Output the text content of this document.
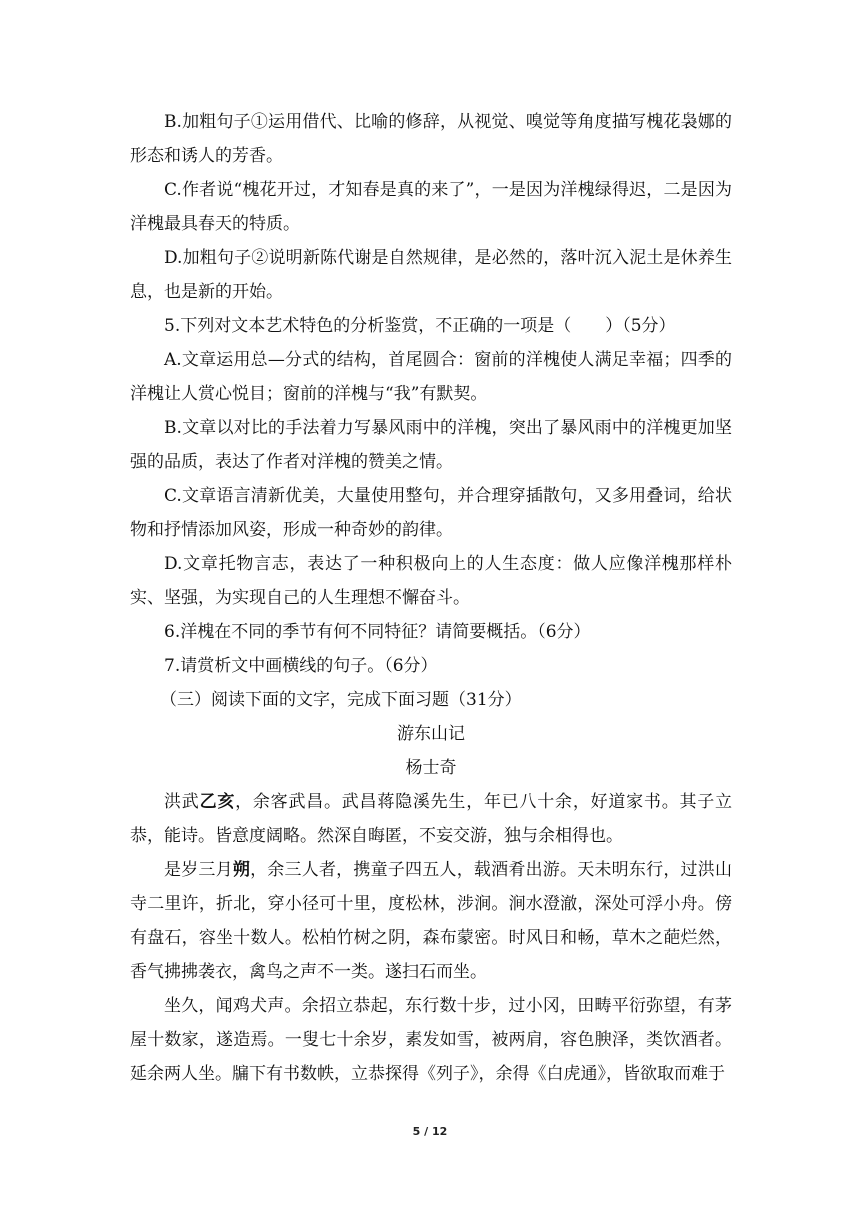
B.加粗句子①运用借代、比喻的修辞，从视觉、嗅觉等角度描写槐花袅娜的形态和诱人的芳香。

C.作者说“槐花开过，才知春是真的来了”，一是因为洋槐绿得迟，二是因为洋槐最具春天的特质。

D.加粗句子②说明新陈代谢是自然规律，是必然的，落叶沉入泥土是休养生息，也是新的开始。

5.下列对文本艺术特色的分析鉴赏，不正确的一项是（　　）（5分）

A.文章运用总—分式的结构，首尾圆合：窗前的洋槐使人满足幸福；四季的洋槐让人赏心悦目；窗前的洋槐与“我”有默契。

B.文章以对比的手法着力写暴风雨中的洋槐，突出了暴风雨中的洋槐更加坚强的品质，表达了作者对洋槐的赞美之情。

C.文章语言清新优美，大量使用整句，并合理穿插散句，又多用叠词，给状物和抒情添加风姿，形成一种奇妙的韵律。

D.文章托物言志，表达了一种积极向上的人生态度：做人应像洋槐那样朴实、坚强，为实现自己的人生理想不懈奋斗。

6.洋槐在不同的季节有何不同特征？请简要概括。（6分）

7.请赏析文中画横线的句子。（6分）

（三）阅读下面的文字，完成下面习题（31分）

游东山记

杨士奇

洪武乙亥，余客武昌。武昌蒋隐溪先生，年已八十余，好道家书。其子立恭，能诗。皆意度阔略。然深自晦匿，不妄交游，独与余相得也。

是岁三月朔，余三人者，携童子四五人，载酒肴出游。天未明东行，过洪山寺二里许，折北，穿小径可十里，度松林，涉涧。涧水澄澈，深处可浮小舟。傍有盘石，容坐十数人。松柏竹树之阴，森布蒙密。时风日和畅，草木之葩烂然，香气拂拂袭衣，禽鸟之声不一类。遂扫石而坐。

坐久，闻鸡犬声。余招立恭起，东行数十步，过小冈，田畴平衍弥望，有茅屋十数家，遂造焉。一叟七十余岁，素发如雪，被两肩，容色腴泽，类饮酒者。延余两人坐。牖下有书数帙，立恭探得《列子》，余得《白虎通》，皆欲取而难于

5 / 12
